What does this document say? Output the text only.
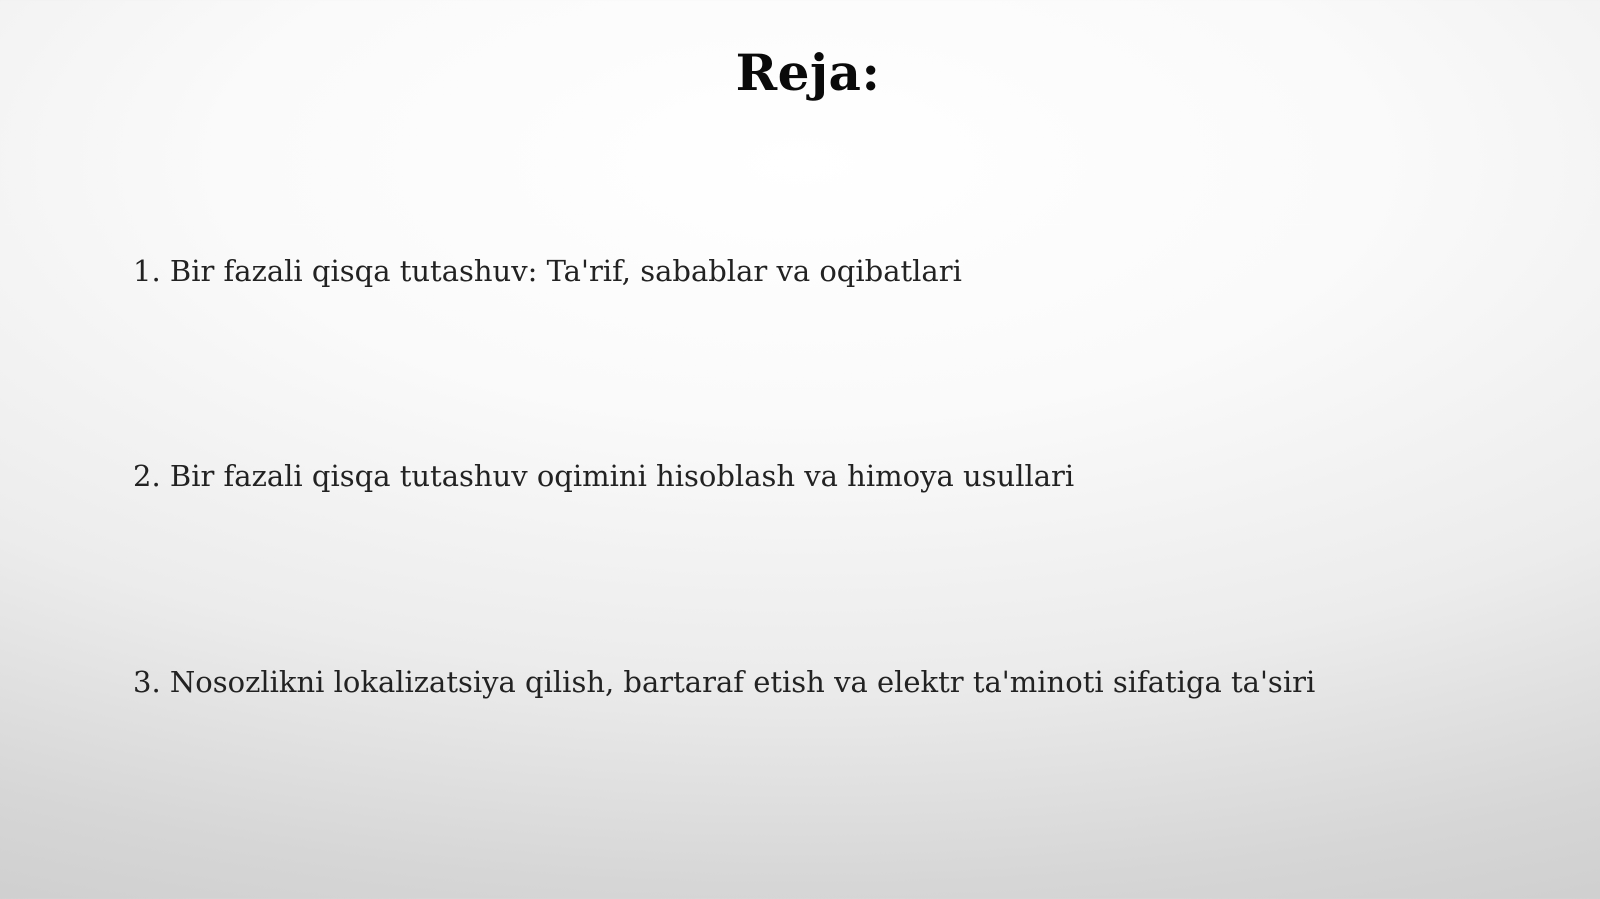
Reja:
1. Bir fazali qisqa tutashuv: Ta'rif, sabablar va oqibatlari
2. Bir fazali qisqa tutashuv oqimini hisoblash va himoya usullari
3. Nosozlikni lokalizatsiya qilish, bartaraf etish va elektr ta'minoti sifatiga ta'siri
